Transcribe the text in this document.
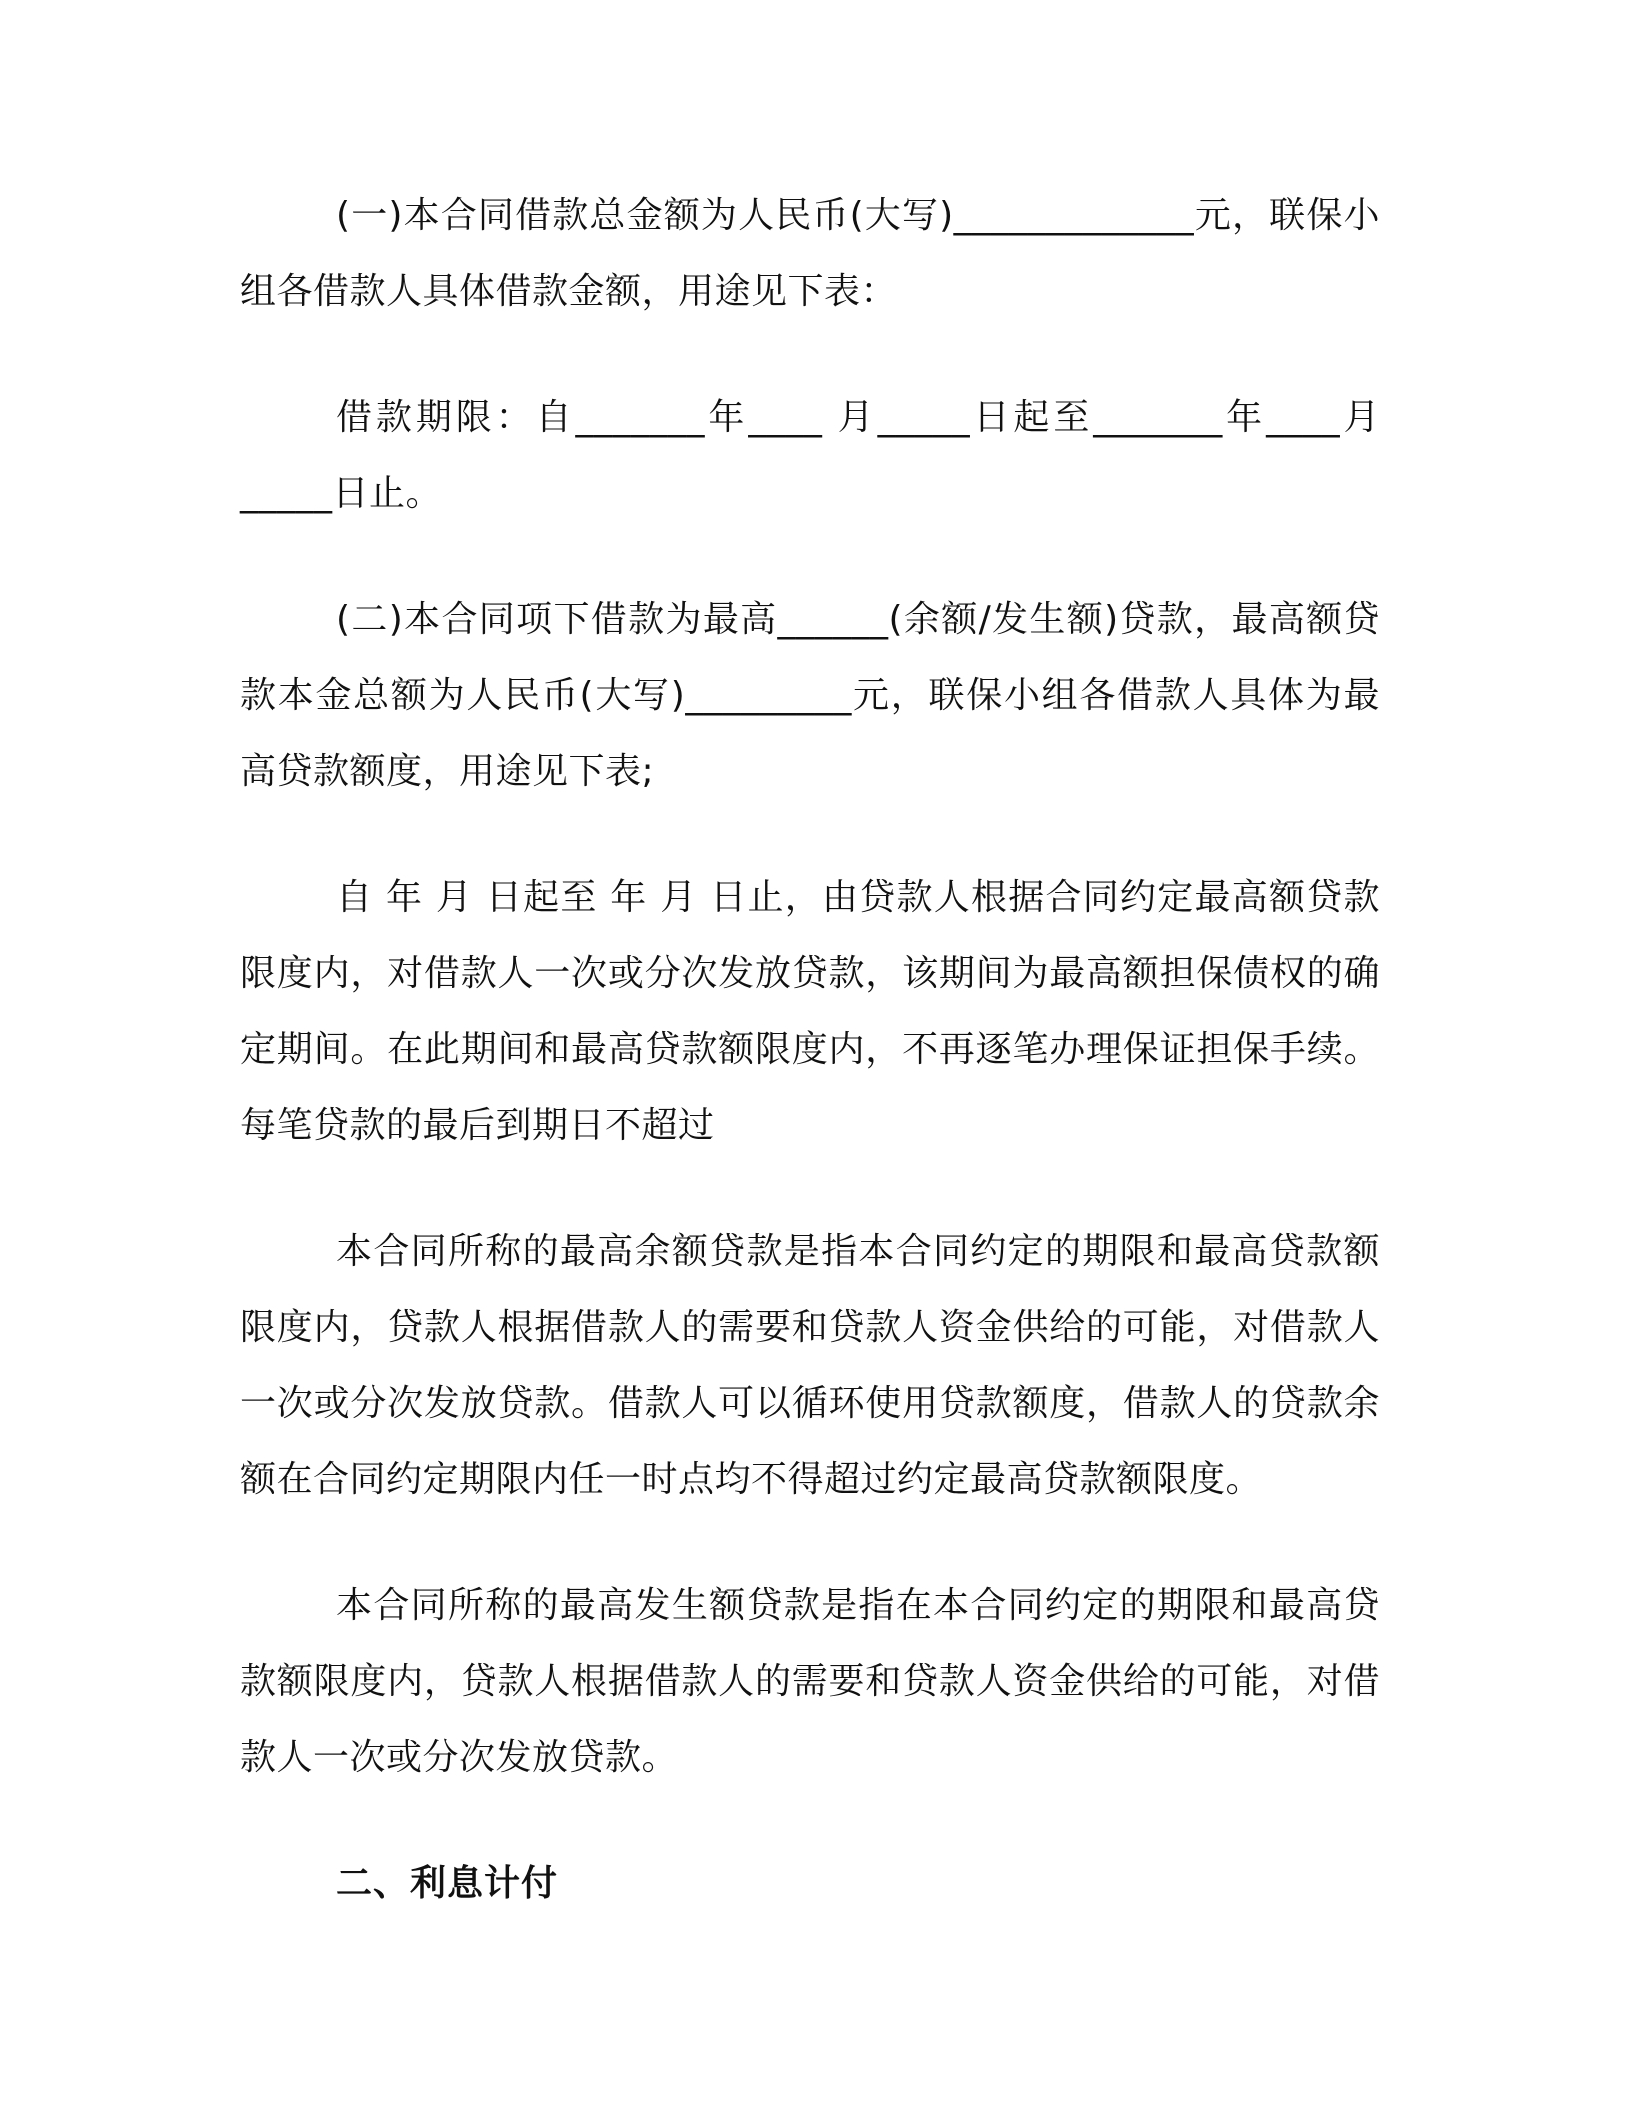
(一)本合同借款总金额为人民币(大写)_____________元，联保小组各借款人具体借款金额，用途见下表：

借款期限：自_______年____ 月_____日起至_______年____月_____日止。

(二)本合同项下借款为最高______(余额/发生额)贷款，最高额贷款本金总额为人民币(大写)_________元，联保小组各借款人具体为最高贷款额度，用途见下表;

自 年 月 日起至 年 月 日止，由贷款人根据合同约定最高额贷款限度内，对借款人一次或分次发放贷款，该期间为最高额担保债权的确定期间。在此期间和最高贷款额限度内，不再逐笔办理保证担保手续。每笔贷款的最后到期日不超过

本合同所称的最高余额贷款是指本合同约定的期限和最高贷款额限度内，贷款人根据借款人的需要和贷款人资金供给的可能，对借款人一次或分次发放贷款。借款人可以循环使用贷款额度，借款人的贷款余额在合同约定期限内任一时点均不得超过约定最高贷款额限度。

本合同所称的最高发生额贷款是指在本合同约定的期限和最高贷款额限度内，贷款人根据借款人的需要和贷款人资金供给的可能，对借款人一次或分次发放贷款。

二、利息计付
